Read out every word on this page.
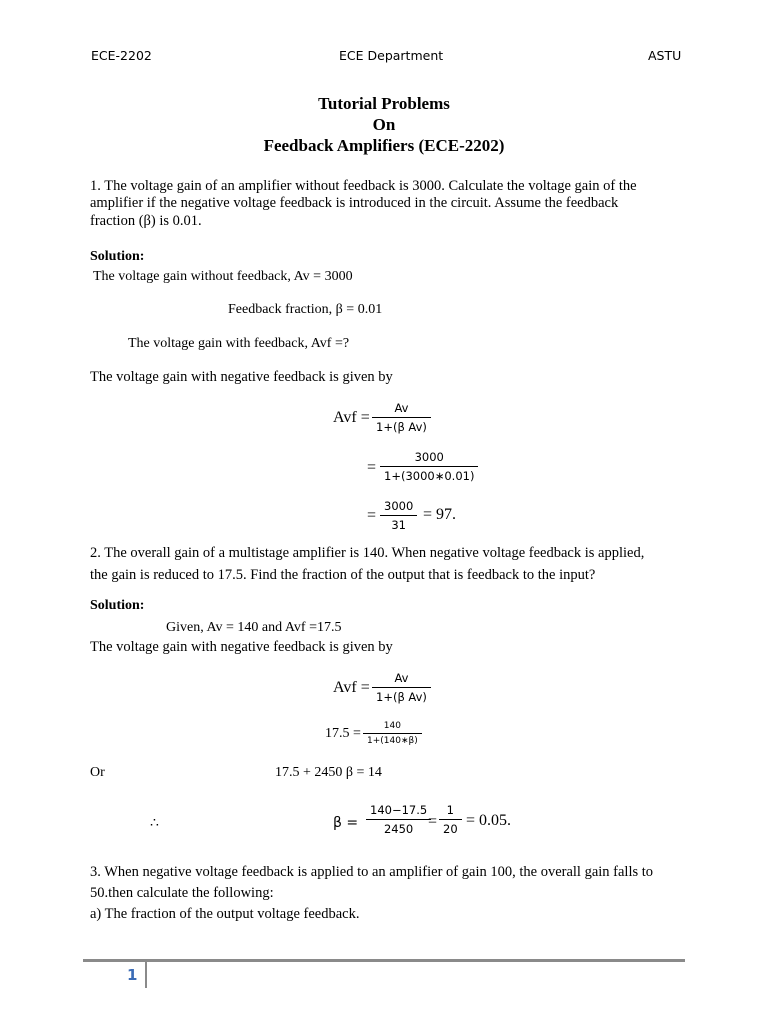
ECE-2202	ECE Department	ASTU
Tutorial Problems
On
Feedback Amplifiers (ECE-2202)
1. The voltage gain of an amplifier without feedback is 3000. Calculate the voltage gain of the
amplifier if the negative voltage feedback is introduced in the circuit. Assume the feedback
fraction (β) is 0.01.
Solution:
The voltage gain without feedback, Av = 3000
Feedback fraction, β = 0.01
The voltage gain with feedback, Avf =?
The voltage gain with negative feedback is given by
Avf = $\frac{Av}{\text{1+(β Av)}}$
= $\frac{3000}{1+(3000∗0.01)}$
= $\frac{3000}{31} = 97$.
2. The overall gain of a multistage amplifier is 140. When negative voltage feedback is applied,
the gain is reduced to 17.5. Find the fraction of the output that is feedback to the input?
Solution:
Given, Av = 140 and Avf =17.5
The voltage gain with negative feedback is given by
Avf = $\frac{Av}{\text{1+(β Av)}}$
$17.5 = \frac{140}{1+(140∗\beta)}$
Or	17.5 + 2450 β = 14
∴	$\beta = \frac{140-17.5}{2450}$
= $\frac{1}{20} = 0.05$.
3. When negative voltage feedback is applied to an amplifier of gain 100, the overall gain falls to
50.then calculate the following:
a) The fraction of the output voltage feedback.
1
